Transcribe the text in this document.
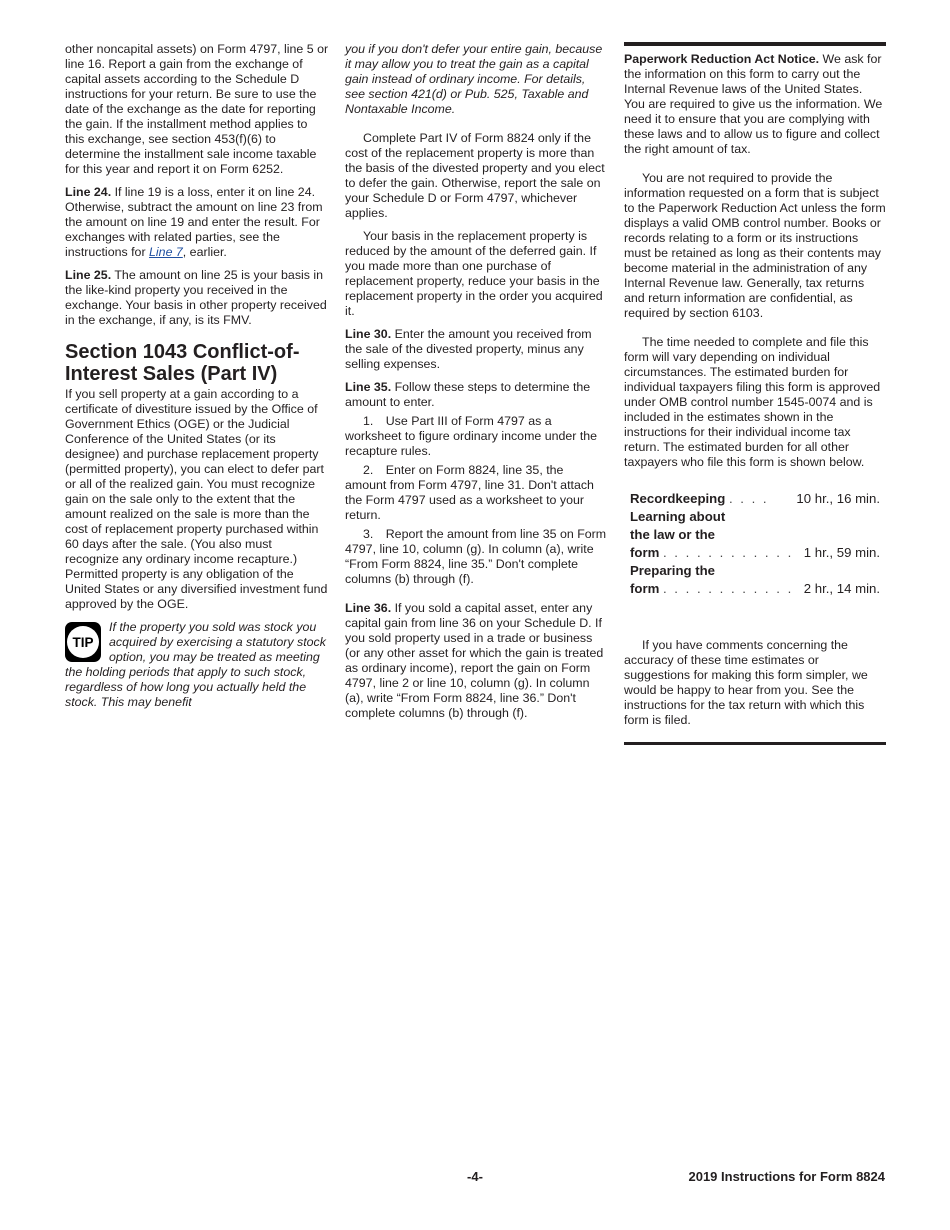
other noncapital assets) on Form 4797, line 5 or line 16. Report a gain from the exchange of capital assets according to the Schedule D instructions for your return. Be sure to use the date of the exchange as the date for reporting the gain. If the installment method applies to this exchange, see section 453(f)(6) to determine the installment sale income taxable for this year and report it on Form 6252.

Line 24. If line 19 is a loss, enter it on line 24. Otherwise, subtract the amount on line 23 from the amount on line 19 and enter the result. For exchanges with related parties, see the instructions for Line 7, earlier.

Line 25. The amount on line 25 is your basis in the like-kind property you received in the exchange. Your basis in other property received in the exchange, if any, is its FMV.

Section 1043 Conflict-of-Interest Sales (Part IV)

If you sell property at a gain according to a certificate of divestiture issued by the Office of Government Ethics (OGE) or the Judicial Conference of the United States (or its designee) and purchase replacement property (permitted property), you can elect to defer part or all of the realized gain. You must recognize gain on the sale only to the extent that the amount realized on the sale is more than the cost of replacement property purchased within 60 days after the sale. (You also must recognize any ordinary income recapture.) Permitted property is any obligation of the United States or any diversified investment fund approved by the OGE.

TIP
If the property you sold was stock you acquired by exercising a statutory stock option, you may be treated as meeting the holding periods that apply to such stock, regardless of how long you actually held the stock. This may benefit

you if you don't defer your entire gain, because it may allow you to treat the gain as a capital gain instead of ordinary income. For details, see section 421(d) or Pub. 525, Taxable and Nontaxable Income.

Complete Part IV of Form 8824 only if the cost of the replacement property is more than the basis of the divested property and you elect to defer the gain. Otherwise, report the sale on your Schedule D or Form 4797, whichever applies.

Your basis in the replacement property is reduced by the amount of the deferred gain. If you made more than one purchase of replacement property, reduce your basis in the replacement property in the order you acquired it.

Line 30. Enter the amount you received from the sale of the divested property, minus any selling expenses.

Line 35. Follow these steps to determine the amount to enter.

1. Use Part III of Form 4797 as a worksheet to figure ordinary income under the recapture rules.

2. Enter on Form 8824, line 35, the amount from Form 4797, line 31. Don't attach the Form 4797 used as a worksheet to your return.

3. Report the amount from line 35 on Form 4797, line 10, column (g). In column (a), write “From Form 8824, line 35.” Don't complete columns (b) through (f).

Line 36. If you sold a capital asset, enter any capital gain from line 36 on your Schedule D. If you sold property used in a trade or business (or any other asset for which the gain is treated as ordinary income), report the gain on Form 4797, line 2 or line 10, column (g). In column (a), write “From Form 8824, line 36.” Don't complete columns (b) through (f).

Paperwork Reduction Act Notice. We ask for the information on this form to carry out the Internal Revenue laws of the United States. You are required to give us the information. We need it to ensure that you are complying with these laws and to allow us to figure and collect the right amount of tax.

You are not required to provide the information requested on a form that is subject to the Paperwork Reduction Act unless the form displays a valid OMB control number. Books or records relating to a form or its instructions must be retained as long as their contents may become material in the administration of any Internal Revenue law. Generally, tax returns and return information are confidential, as required by section 6103.

The time needed to complete and file this form will vary depending on individual circumstances. The estimated burden for individual taxpayers filing this form is approved under OMB control number 1545-0074 and is included in the estimates shown in the instructions for their individual income tax return. The estimated burden for all other taxpayers who file this form is shown below.

Recordkeeping . . . .	10 hr., 16 min.

Learning about
the law or the
form . . . . . . . . . . . .	1 hr., 59 min.

Preparing the
form . . . . . . . . . . . .	2 hr., 14 min.

If you have comments concerning the accuracy of these time estimates or suggestions for making this form simpler, we would be happy to hear from you. See the instructions for the tax return with which this form is filed.

-4-	2019 Instructions for Form 8824
